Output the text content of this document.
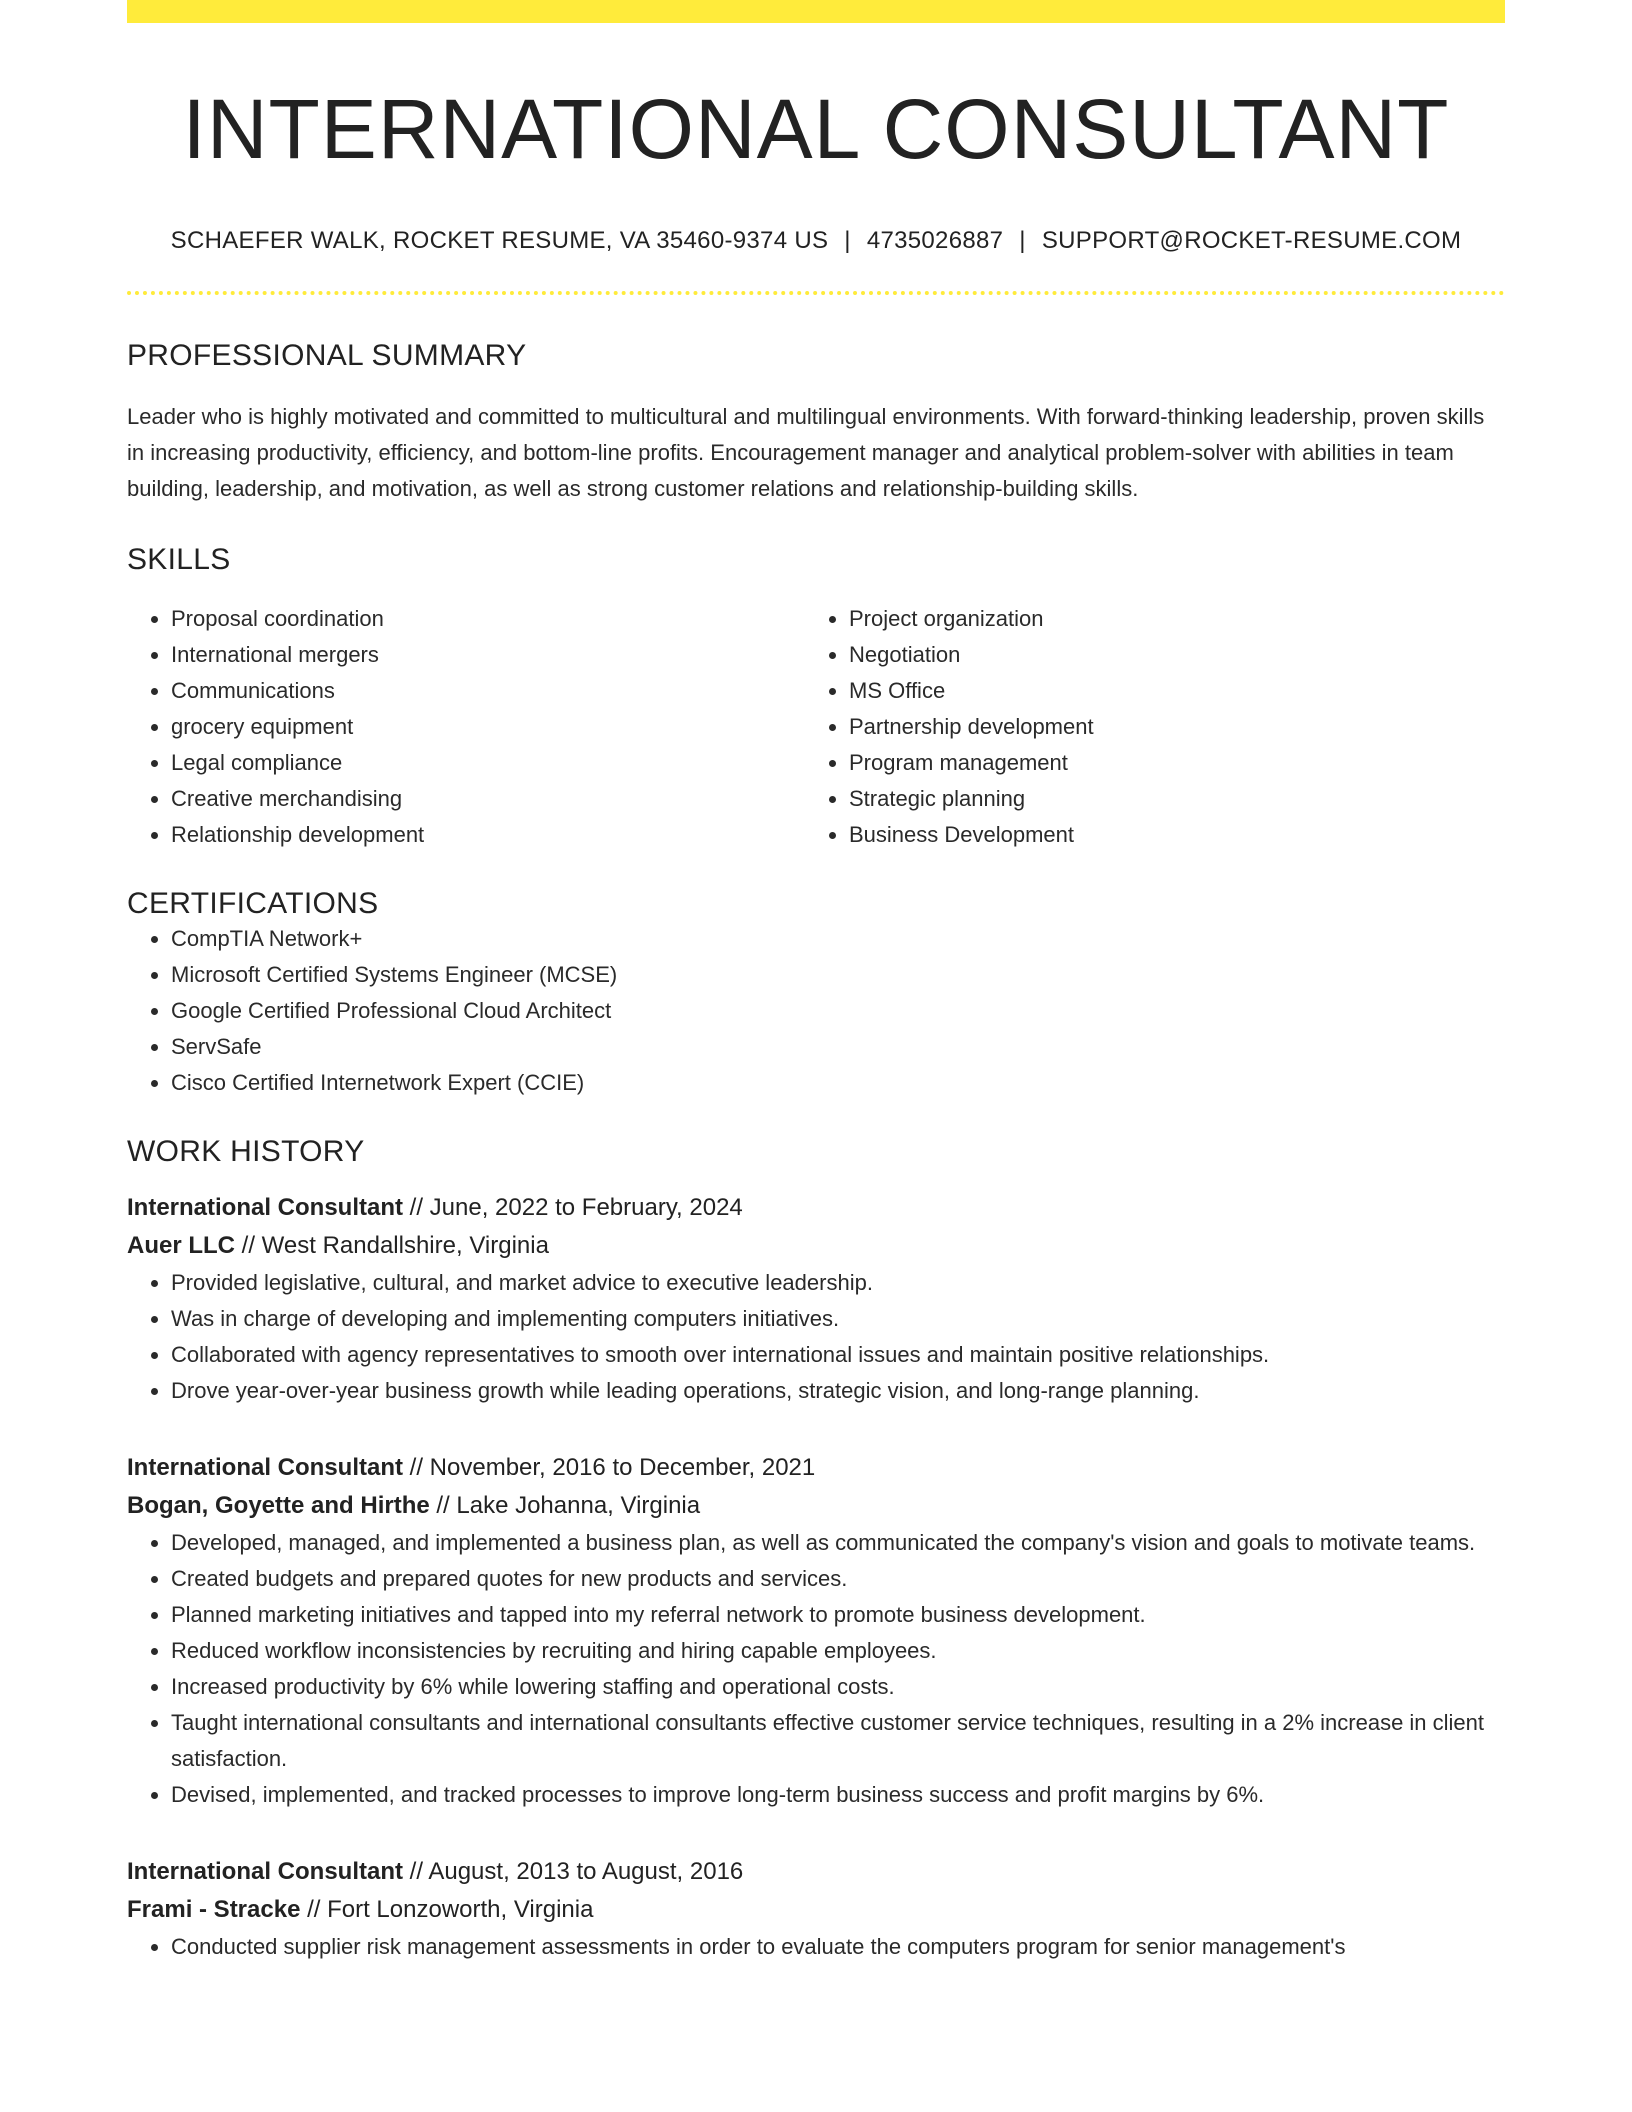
INTERNATIONAL CONSULTANT
SCHAEFER WALK, ROCKET RESUME, VA 35460-9374 US | 4735026887 | SUPPORT@ROCKET-RESUME.COM
PROFESSIONAL SUMMARY
Leader who is highly motivated and committed to multicultural and multilingual environments. With forward-thinking leadership, proven skills in increasing productivity, efficiency, and bottom-line profits. Encouragement manager and analytical problem-solver with abilities in team building, leadership, and motivation, as well as strong customer relations and relationship-building skills.
SKILLS
• Proposal coordination
• International mergers
• Communications
• grocery equipment
• Legal compliance
• Creative merchandising
• Relationship development
• Project organization
• Negotiation
• MS Office
• Partnership development
• Program management
• Strategic planning
• Business Development
CERTIFICATIONS
• CompTIA Network+
• Microsoft Certified Systems Engineer (MCSE)
• Google Certified Professional Cloud Architect
• ServSafe
• Cisco Certified Internetwork Expert (CCIE)
WORK HISTORY
International Consultant // June, 2022 to February, 2024
Auer LLC // West Randallshire, Virginia
• Provided legislative, cultural, and market advice to executive leadership.
• Was in charge of developing and implementing computers initiatives.
• Collaborated with agency representatives to smooth over international issues and maintain positive relationships.
• Drove year-over-year business growth while leading operations, strategic vision, and long-range planning.
International Consultant // November, 2016 to December, 2021
Bogan, Goyette and Hirthe // Lake Johanna, Virginia
• Developed, managed, and implemented a business plan, as well as communicated the company's vision and goals to motivate teams.
• Created budgets and prepared quotes for new products and services.
• Planned marketing initiatives and tapped into my referral network to promote business development.
• Reduced workflow inconsistencies by recruiting and hiring capable employees.
• Increased productivity by 6% while lowering staffing and operational costs.
• Taught international consultants and international consultants effective customer service techniques, resulting in a 2% increase in client satisfaction.
• Devised, implemented, and tracked processes to improve long-term business success and profit margins by 6%.
International Consultant // August, 2013 to August, 2016
Frami - Stracke // Fort Lonzoworth, Virginia
• Conducted supplier risk management assessments in order to evaluate the computers program for senior management's
